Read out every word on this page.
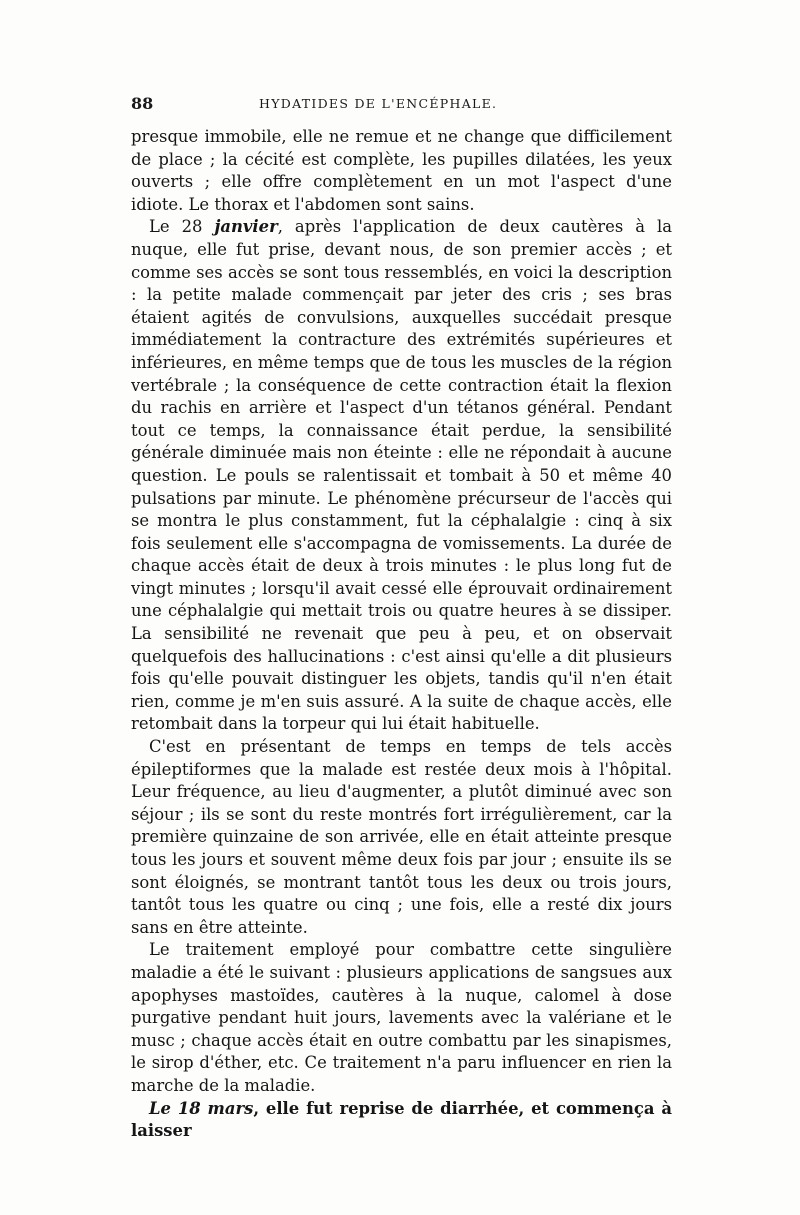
88	HYDATIDES DE L'ENCÉPHALE.

presque immobile, elle ne remue et ne change que difficilement de place ; la cécité est complète, les pupilles dilatées, les yeux ouverts ; elle offre complètement en un mot l'aspect d'une idiote. Le thorax et l'abdomen sont sains.

Le 28 janvier, après l'application de deux cautères à la nuque, elle fut prise, devant nous, de son premier accès ; et comme ses accès se sont tous ressemblés, en voici la description : la petite malade commençait par jeter des cris ; ses bras étaient agités de convulsions, auxquelles succédait presque immédiatement la contracture des extrémités supérieures et inférieures, en même temps que de tous les muscles de la région vertébrale ; la conséquence de cette contraction était la flexion du rachis en arrière et l'aspect d'un tétanos général. Pendant tout ce temps, la connaissance était perdue, la sensibilité générale diminuée mais non éteinte : elle ne répondait à aucune question. Le pouls se ralentissait et tombait à 50 et même 40 pulsations par minute. Le phénomène précurseur de l'accès qui se montra le plus constamment, fut la céphalalgie : cinq à six fois seulement elle s'accompagna de vomissements. La durée de chaque accès était de deux à trois minutes : le plus long fut de vingt minutes ; lorsqu'il avait cessé elle éprouvait ordinairement une céphalalgie qui mettait trois ou quatre heures à se dissiper. La sensibilité ne revenait que peu à peu, et on observait quelquefois des hallucinations : c'est ainsi qu'elle a dit plusieurs fois qu'elle pouvait distinguer les objets, tandis qu'il n'en était rien, comme je m'en suis assuré. A la suite de chaque accès, elle retombait dans la torpeur qui lui était habituelle.

C'est en présentant de temps en temps de tels accès épileptiformes que la malade est restée deux mois à l'hôpital. Leur fréquence, au lieu d'augmenter, a plutôt diminué avec son séjour ; ils se sont du reste montrés fort irrégulièrement, car la première quinzaine de son arrivée, elle en était atteinte presque tous les jours et souvent même deux fois par jour ; ensuite ils se sont éloignés, se montrant tantôt tous les deux ou trois jours, tantôt tous les quatre ou cinq ; une fois, elle a resté dix jours sans en être atteinte.

Le traitement employé pour combattre cette singulière maladie a été le suivant : plusieurs applications de sangsues aux apophyses mastoïdes, cautères à la nuque, calomel à dose purgative pendant huit jours, lavements avec la valériane et le musc ; chaque accès était en outre combattu par les sinapismes, le sirop d'éther, etc. Ce traitement n'a paru influencer en rien la marche de la maladie.

Le 18 mars, elle fut reprise de diarrhée, et commença à laisser
